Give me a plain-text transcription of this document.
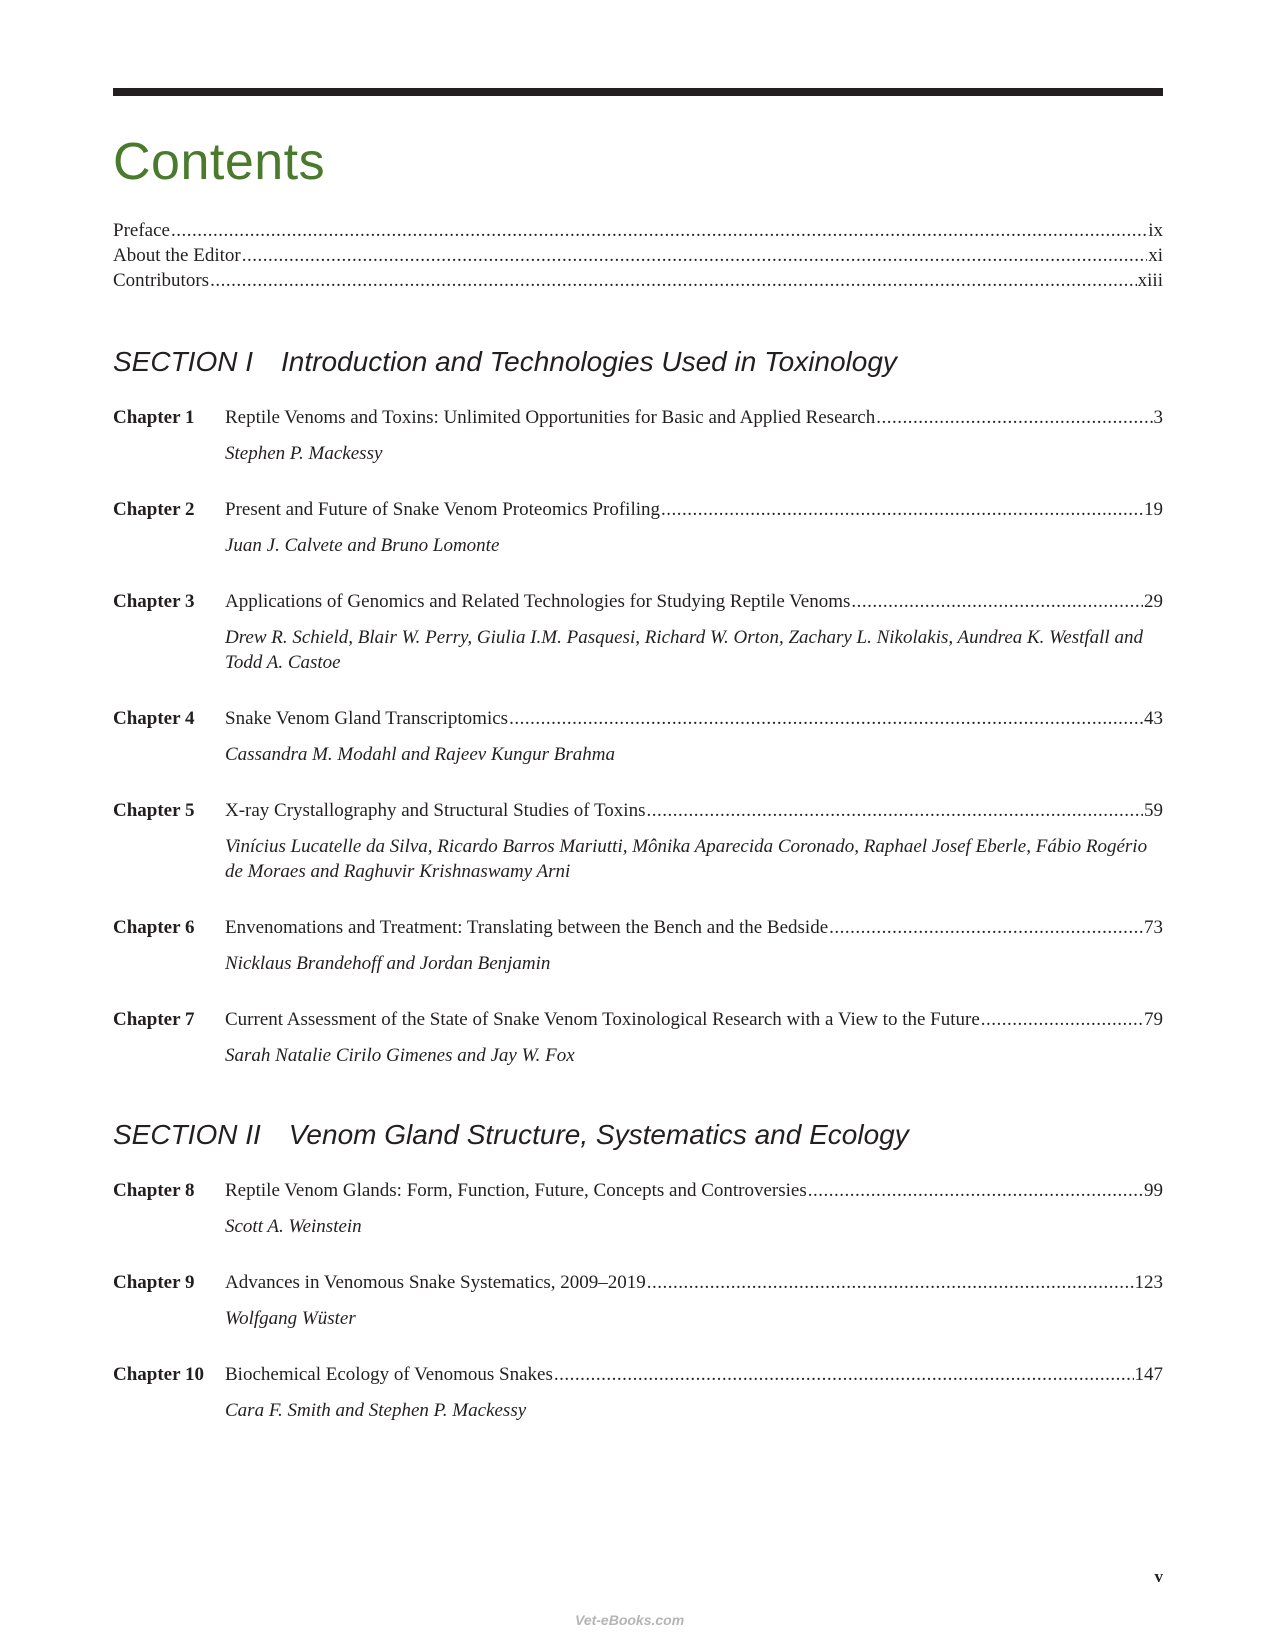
Contents
Preface .....	ix
About the Editor .....	xi
Contributors .....	xiii
SECTION I Introduction and Technologies Used in Toxinology
Chapter 1	Reptile Venoms and Toxins: Unlimited Opportunities for Basic and Applied Research .....	3
Stephen P. Mackessy
Chapter 2	Present and Future of Snake Venom Proteomics Profiling .....	19
Juan J. Calvete and Bruno Lomonte
Chapter 3	Applications of Genomics and Related Technologies for Studying Reptile Venoms .....	29
Drew R. Schield, Blair W. Perry, Giulia I.M. Pasquesi, Richard W. Orton, Zachary L. Nikolakis, Aundrea K. Westfall and Todd A. Castoe
Chapter 4	Snake Venom Gland Transcriptomics .....	43
Cassandra M. Modahl and Rajeev Kungur Brahma
Chapter 5	X-ray Crystallography and Structural Studies of Toxins .....	59
Vinícius Lucatelle da Silva, Ricardo Barros Mariutti, Mônika Aparecida Coronado, Raphael Josef Eberle, Fábio Rogério de Moraes and Raghuvir Krishnaswamy Arni
Chapter 6	Envenomations and Treatment: Translating between the Bench and the Bedside .....	73
Nicklaus Brandehoff and Jordan Benjamin
Chapter 7	Current Assessment of the State of Snake Venom Toxinological Research with a View to the Future .....	79
Sarah Natalie Cirilo Gimenes and Jay W. Fox
SECTION II Venom Gland Structure, Systematics and Ecology
Chapter 8	Reptile Venom Glands: Form, Function, Future, Concepts and Controversies .....	99
Scott A. Weinstein
Chapter 9	Advances in Venomous Snake Systematics, 2009–2019 .....	123
Wolfgang Wüster
Chapter 10	Biochemical Ecology of Venomous Snakes .....	147
Cara F. Smith and Stephen P. Mackessy
v
Vet-eBooks.com
